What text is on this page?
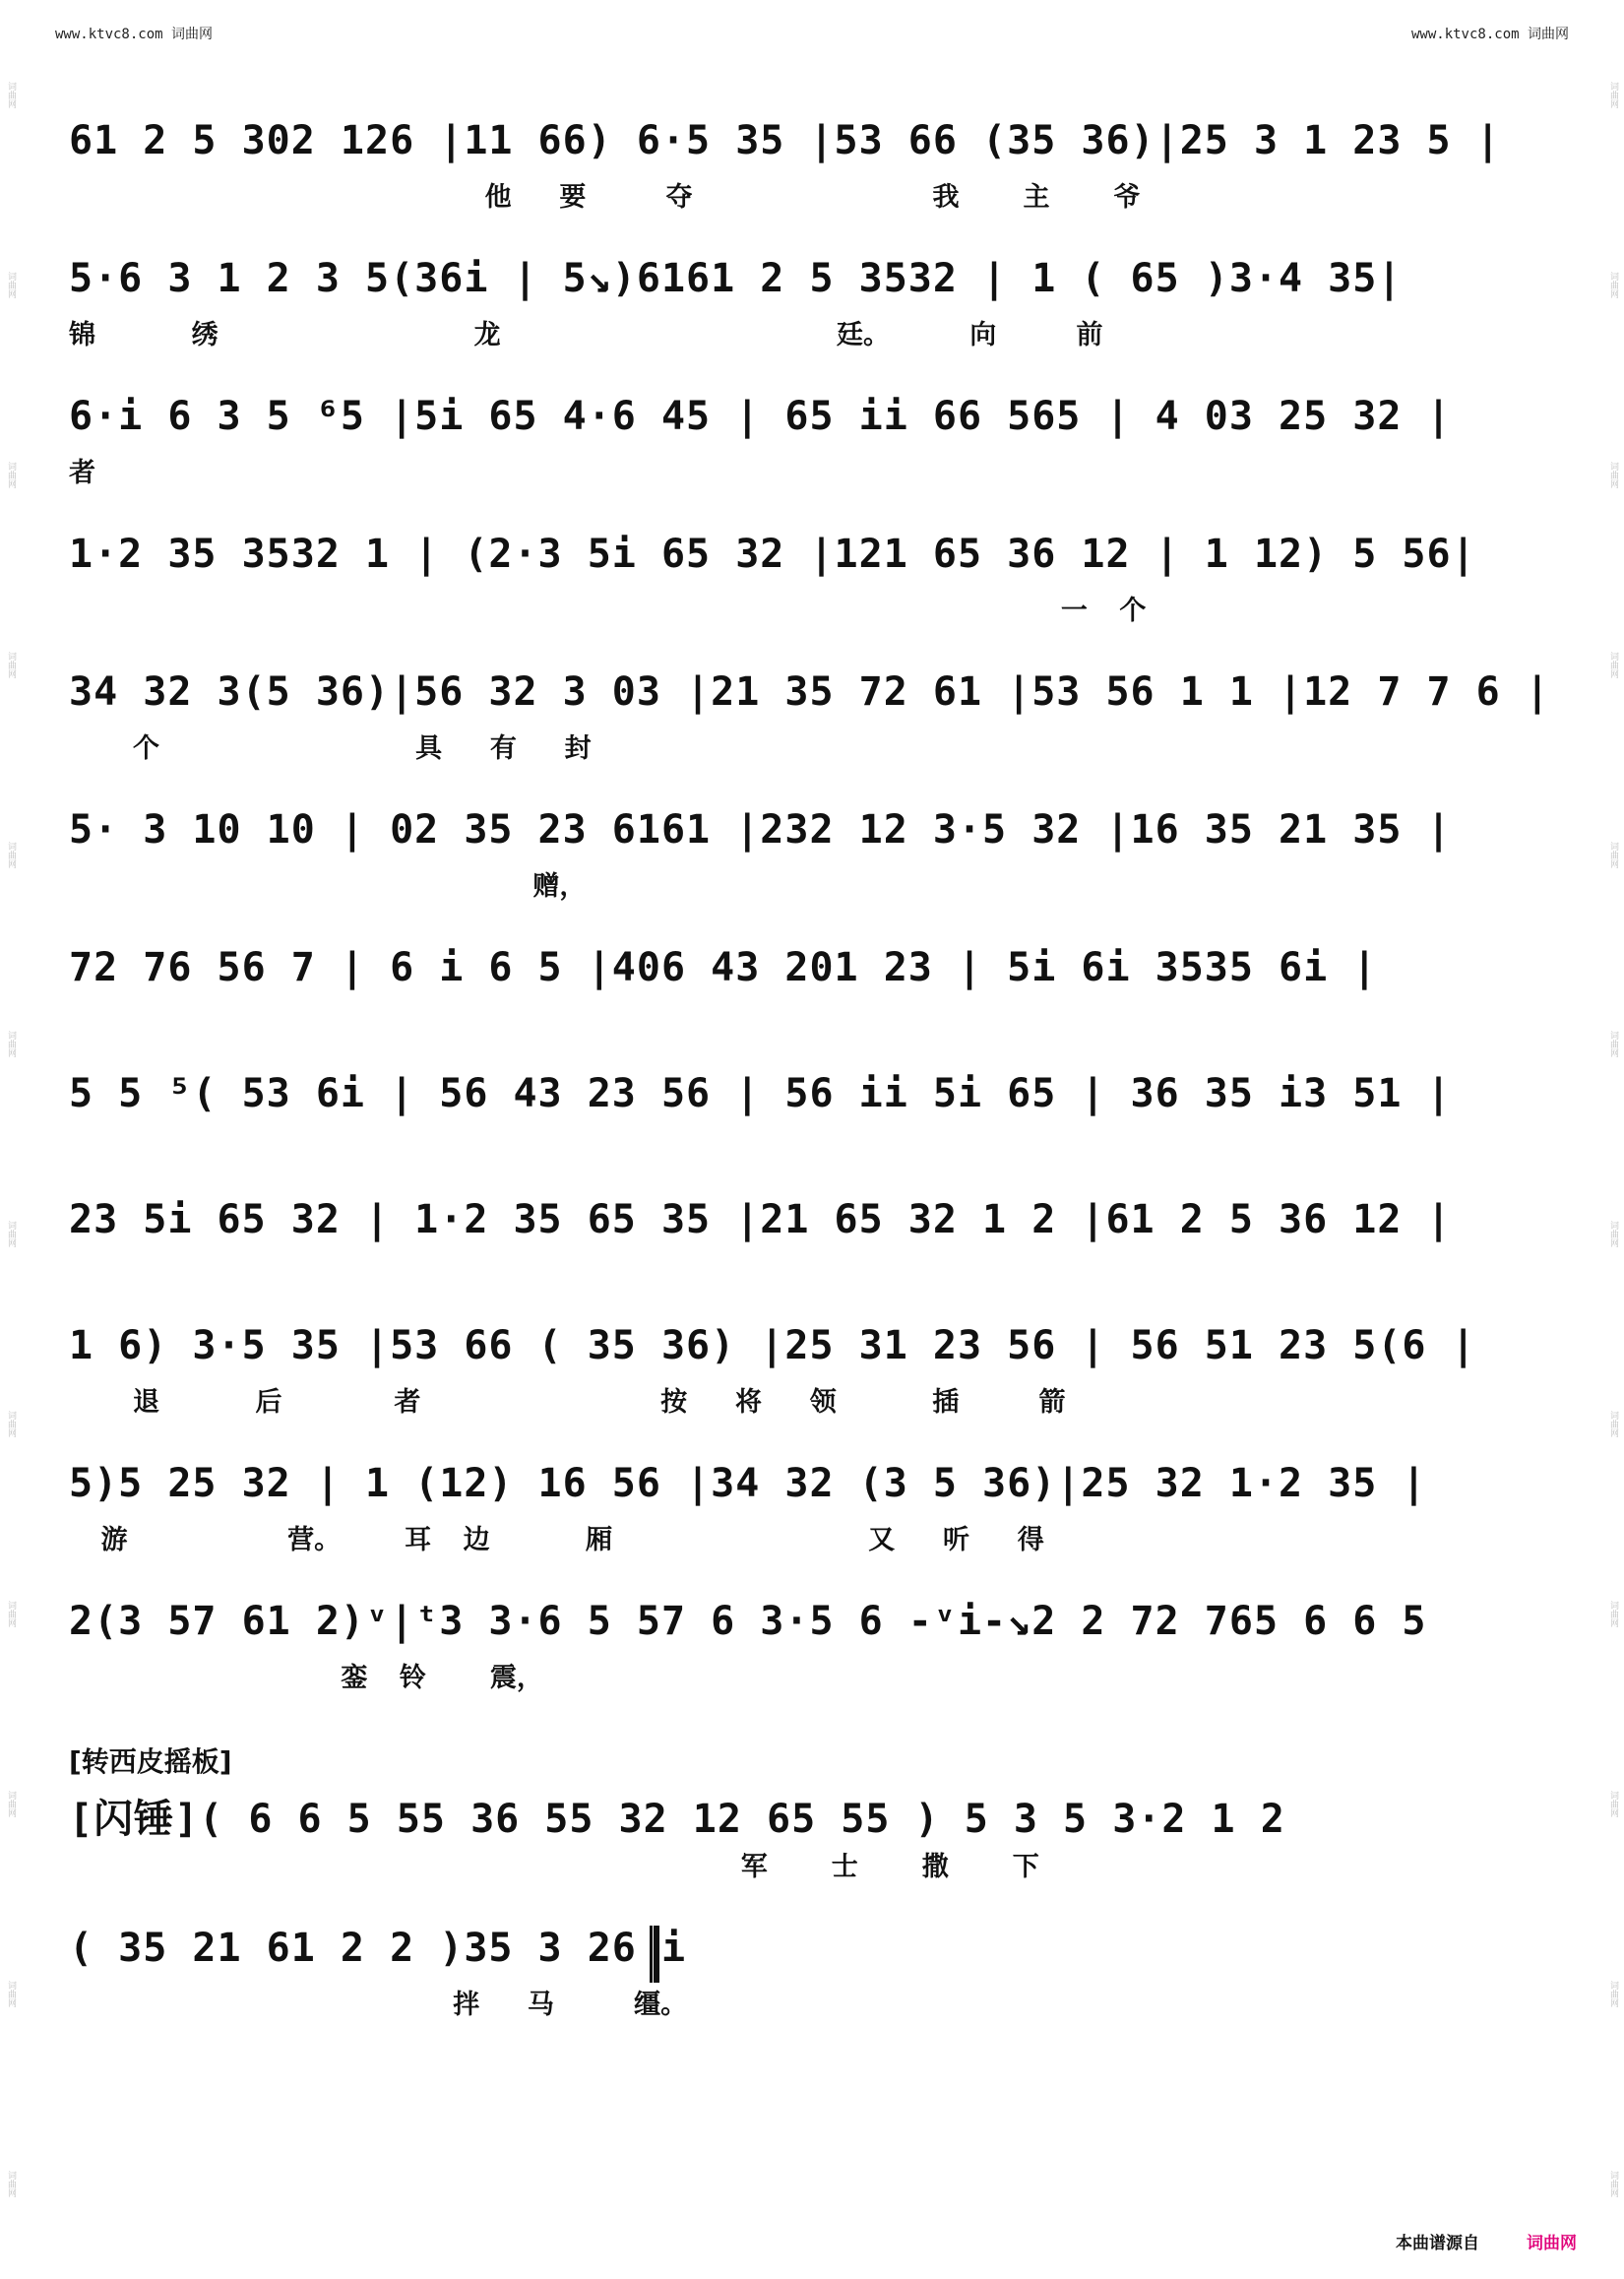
词曲网
词曲网
词曲网
词曲网
词曲网
词曲网
词曲网
词曲网
词曲网
词曲网
词曲网
词曲网
词曲网
词曲网
词曲网
词曲网
词曲网
词曲网
词曲网
词曲网
词曲网
词曲网
词曲网
词曲网
www.ktvc8.com 词曲网	www.ktvc8.com 词曲网
61 2 5 302 126 |11 66) 6·5 35 |53 66 (35 36)|25 3 1 23 5 |
他   要     夺               我    主    爷
5·6 3 1 2 3 5(36i | 5↘)6161 2 5 3532 | 1 ( 65 )3·4 35|
锦      绣                龙                     廷。     向     前
6·i 6 3 5 ⁶5 |5i 65 4·6 45 | 65 ii 66 565 | 4 03 25 32 |
者
1·2 35 3532 1 | (2·3 5i 65 32 |121 65 36 12 | 1 12) 5 56|
一  个
34 32 3(5 36)|56 32 3 03 |21 35 72 61 |53 56 1 1 |12 7 7 6 |
个                具   有   封
5· 3 10 10 | 02 35 23 6161 |232 12 3·5 32 |16 35 21 35 |
赠，
72 76 56 7 | 6 i 6 5 |406 43 201 23 | 5i 6i 3535 6i |
5 5 ⁵( 53 6i | 56 43 23 56 | 56 ii 5i 65 | 36 35 i3 51 |
23 5i 65 32 | 1·2 35 65 35 |21 65 32 1 2 |61 2 5 36 12 |
1 6) 3·5 35 |53 66 ( 35 36) |25 31 23 56 | 56 51 23 5(6 |
退      后       者               按   将   领      插     箭
5)5 25 32 | 1 (12) 16 56 |34 32 (3 5 36)|25 32 1·2 35 |
游          营。    耳  边      厢                又   听   得
2(3 57 61 2)ᵛ|ᵗ3 3·6 5 57 6 3·5 6 -ᵛi-↘2 2 72 765 6 6 5
銮  铃    震，
[转西皮摇板]
[闪锤]( 6 6 5 55 36 55 32 12 65 55 ) 5 3 5 3·2 1 2
军    士    撒    下
( 35 21 61 2 2 )35 3 26 i
拌   马     缰。
本曲谱源自	词曲网
